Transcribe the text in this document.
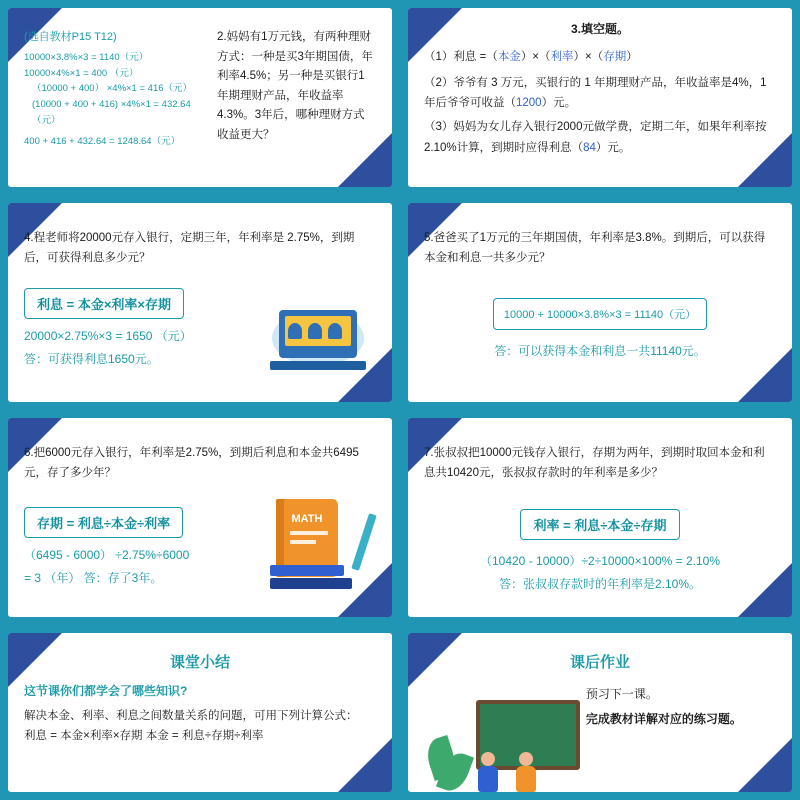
(选自教材P15 T12)
10000×3.8%×3 = 1140（元）
10000×4%×1 = 400 （元）
（10000 + 400） ×4%×1 = 416（元）
(10000 + 400 + 416) ×4%×1 = 432.64（元）
400 + 416 + 432.64 = 1248.64（元）
2.妈妈有1万元钱，有两种理财方式：一种是买3年期国债，年利率4.5%；另一种是买银行1年期理财产品，年收益率4.3%。3年后，哪种理财方式收益更大？
3.填空题。
（1）利息 =（本金）×（利率）×（存期）
（2）爷爷有 3 万元，买银行的 1 年期理财产品，年收益率是4%，1年后爷爷可收益（1200）元。
（3）妈妈为女儿存入银行2000元做学费，定期二年，如果年利率按2.10%计算，到期时应得利息（84）元。
4.程老师将20000元存入银行，定期三年，年利率是 2.75%，到期后，可获得利息多少元？
利息 = 本金×利率×存期
20000×2.75%×3 = 1650 （元）
答：可获得利息1650元。
5.爸爸买了1万元的三年期国债，年利率是3.8%。到期后，可以获得本金和利息一共多少元？
10000 + 10000×3.8%×3 = 11140（元）
答：可以获得本金和利息一共11140元。
6.把6000元存入银行，年利率是2.75%，到期后利息和本金共6495元，存了多少年？
存期 = 利息÷本金÷利率
（6495 - 6000） ÷2.75%÷6000
= 3 （年） 答：存了3年。
MATH
7.张叔叔把10000元钱存入银行，存期为两年，到期时取回本金和利息共10420元，张叔叔存款时的年利率是多少？
利率 = 利息÷本金÷存期
（10420 - 10000）÷2÷10000×100% = 2.10%
答：张叔叔存款时的年利率是2.10%。
课堂小结
这节课你们都学会了哪些知识?
解决本金、利率、利息之间数量关系的问题，可用下列计算公式：
利息 = 本金×利率×存期 本金 = 利息÷存期÷利率
课后作业
预习下一课。
完成教材详解对应的练习题。
